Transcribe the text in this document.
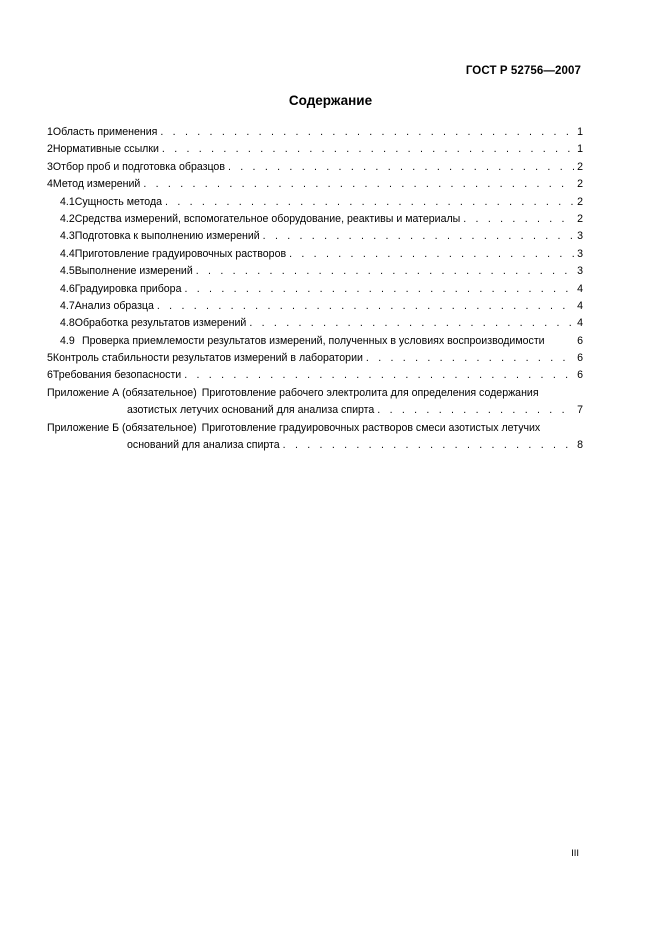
ГОСТ Р 52756—2007
Содержание
1 Область применения . . .	1
2 Нормативные ссылки . . .	1
3 Отбор проб и подготовка образцов . . .	2
4 Метод измерений . . .	2
4.1 Сущность метода . . .	2
4.2 Средства измерений, вспомогательное оборудование, реактивы и материалы . . .	2
4.3 Подготовка к выполнению измерений . . .	3
4.4 Приготовление градуировочных растворов . . .	3
4.5 Выполнение измерений . . .	3
4.6 Градуировка прибора . . .	4
4.7 Анализ образца . . .	4
4.8 Обработка результатов измерений . . .	4
4.9 Проверка приемлемости результатов измерений, полученных в условиях воспроизводимости	6
5 Контроль стабильности результатов измерений в лаборатории . . .	6
6 Требования безопасности . . .	6
Приложение А (обязательное) Приготовление рабочего электролита для определения содержания
азотистых летучих оснований для анализа спирта . . .	7
Приложение Б (обязательное) Приготовление градуировочных растворов смеси азотистых летучих
оснований для анализа спирта . . .	8
III
